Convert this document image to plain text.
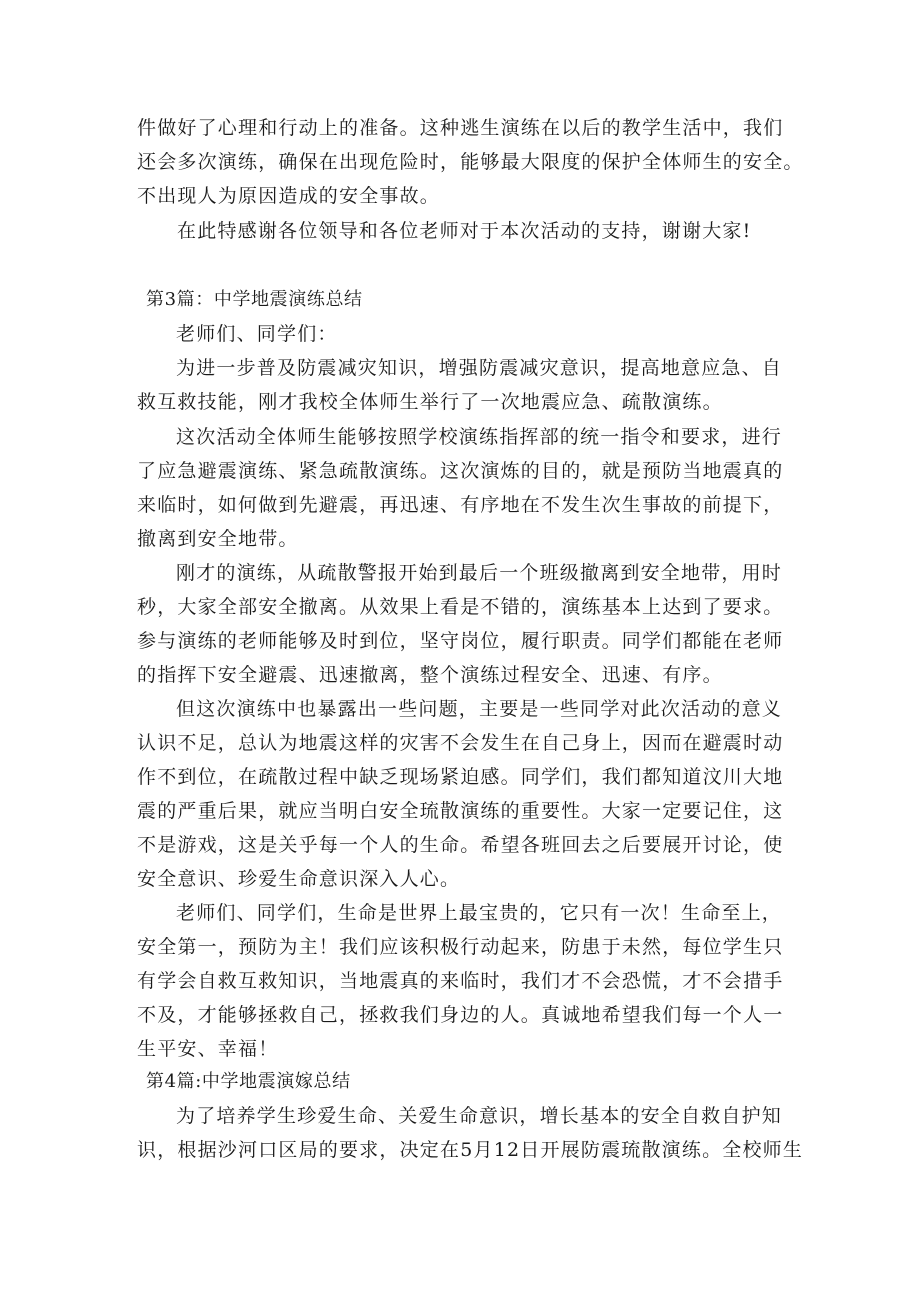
件做好了心理和行动上的准备。这种逃生演练在以后的教学生活中，我们

还会多次演练，确保在出现危险时，能够最大限度的保护全体师生的安全。

不出现人为原因造成的安全事故。

在此特感谢各位领导和各位老师对于本次活动的支持，谢谢大家!

第3篇：中学地震演练总结

老师们、同学们：

为进一步普及防震减灾知识，增强防震减灾意识，提高地意应急、自

救互救技能，刚才我校全体师生举行了一次地震应急、疏散演练。

这次活动全体师生能够按照学校演练指挥部的统一指令和要求，进行

了应急避震演练、紧急疏散演练。这次演炼的目的，就是预防当地震真的

来临时，如何做到先避震，再迅速、有序地在不发生次生事故的前提下，

撤离到安全地带。

刚才的演练，从疏散警报开始到最后一个班级撤离到安全地带，用时

秒，大家全部安全撤离。从效果上看是不错的，演练基本上达到了要求。

参与演练的老师能够及时到位，坚守岗位，履行职责。同学们都能在老师

的指挥下安全避震、迅速撤离，整个演练过程安全、迅速、有序。

但这次演练中也暴露出一些问题，主要是一些同学对此次活动的意义

认识不足，总认为地震这样的灾害不会发生在自己身上，因而在避震时动

作不到位，在疏散过程中缺乏现场紧迫感。同学们，我们都知道汶川大地

震的严重后果，就应当明白安全琉散演练的重要性。大家一定要记住，这

不是游戏，这是关乎每一个人的生命。希望各班回去之后要展开讨论，使

安全意识、珍爱生命意识深入人心。

老师们、同学们，生命是世界上最宝贵的，它只有一次！生命至上，

安全第一，预防为主！我们应该积极行动起来，防患于未然，每位学生只

有学会自救互救知识，当地震真的来临时，我们才不会恐慌，才不会措手

不及，才能够拯救自己，拯救我们身边的人。真诚地希望我们每一个人一

生平安、幸福！

第4篇:中学地震演嫁总结

为了培养学生珍爱生命、关爱生命意识，增长基本的安全自救自护知

识，根据沙河口区局的要求，决定在5月12日开展防震琉散演练。全校师生
